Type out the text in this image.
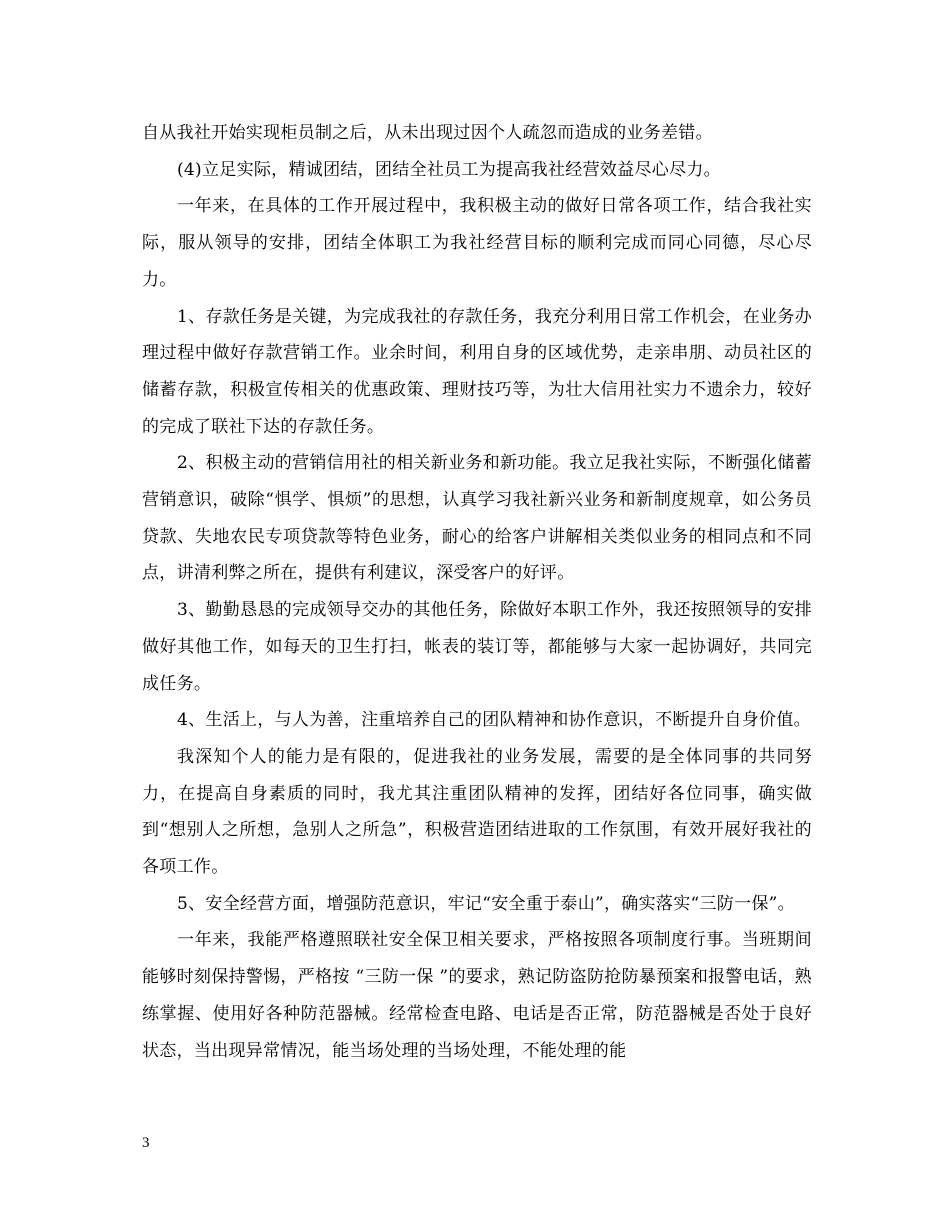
自从我社开始实现柜员制之后，从未出现过因个人疏忽而造成的业务差错。

(4)立足实际，精诚团结，团结全社员工为提高我社经营效益尽心尽力。

一年来，在具体的工作开展过程中，我积极主动的做好日常各项工作，结合我社实际，服从领导的安排，团结全体职工为我社经营目标的顺利完成而同心同德，尽心尽力。

1、存款任务是关键，为完成我社的存款任务，我充分利用日常工作机会，在业务办理过程中做好存款营销工作。业余时间，利用自身的区域优势，走亲串朋、动员社区的储蓄存款，积极宣传相关的优惠政策、理财技巧等，为壮大信用社实力不遗余力，较好的完成了联社下达的存款任务。

2、积极主动的营销信用社的相关新业务和新功能。我立足我社实际，不断强化储蓄营销意识，破除“惧学、惧烦”的思想，认真学习我社新兴业务和新制度规章，如公务员贷款、失地农民专项贷款等特色业务，耐心的给客户讲解相关类似业务的相同点和不同点，讲清利弊之所在，提供有利建议，深受客户的好评。

3、勤勤恳恳的完成领导交办的其他任务，除做好本职工作外，我还按照领导的安排做好其他工作，如每天的卫生打扫，帐表的装订等，都能够与大家一起协调好，共同完成任务。

4、生活上，与人为善，注重培养自己的团队精神和协作意识，不断提升自身价值。

我深知个人的能力是有限的，促进我社的业务发展，需要的是全体同事的共同努力，在提高自身素质的同时，我尤其注重团队精神的发挥，团结好各位同事，确实做到“想别人之所想，急别人之所急”，积极营造团结进取的工作氛围，有效开展好我社的各项工作。

5、安全经营方面，增强防范意识，牢记“安全重于泰山”，确实落实“三防一保”。

一年来，我能严格遵照联社安全保卫相关要求，严格按照各项制度行事。当班期间能够时刻保持警惕，严格按 “三防一保 ”的要求，熟记防盗防抢防暴预案和报警电话，熟练掌握、使用好各种防范器械。经常检查电路、电话是否正常，防范器械是否处于良好状态，当出现异常情况，能当场处理的当场处理，不能处理的能

3
